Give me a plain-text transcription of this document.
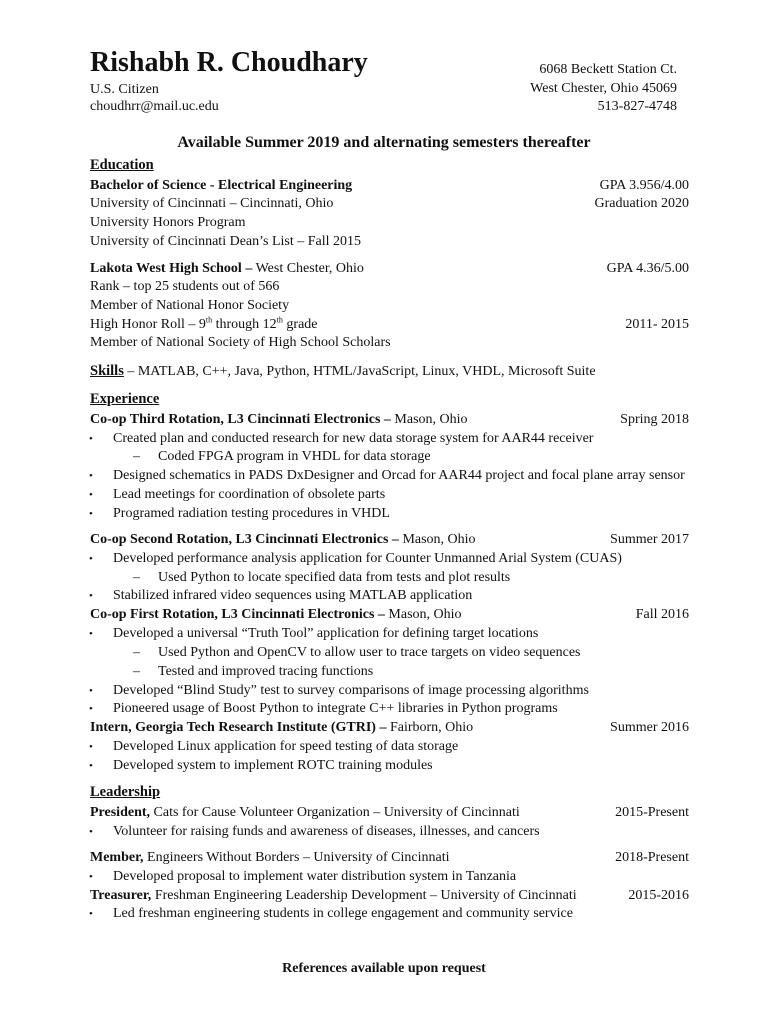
Rishabh R. Choudhary
U.S. Citizen
choudhrr@mail.uc.edu
6068 Beckett Station Ct.
West Chester, Ohio 45069
513-827-4748
Available Summer 2019 and alternating semesters thereafter
Education
Bachelor of Science - Electrical Engineering	GPA 3.956/4.00
University of Cincinnati – Cincinnati, Ohio	Graduation 2020
University Honors Program
University of Cincinnati Dean’s List – Fall 2015
Lakota West High School – West Chester, Ohio	GPA 4.36/5.00
Rank – top 25 students out of 566
Member of National Honor Society
High Honor Roll – 9th through 12th grade	2011- 2015
Member of National Society of High School Scholars
Skills – MATLAB, C++, Java, Python, HTML/JavaScript, Linux, VHDL, Microsoft Suite
Experience
Co-op Third Rotation, L3 Cincinnati Electronics – Mason, Ohio	Spring 2018
• Created plan and conducted research for new data storage system for AAR44 receiver
– Coded FPGA program in VHDL for data storage
• Designed schematics in PADS DxDesigner and Orcad for AAR44 project and focal plane array sensor
• Lead meetings for coordination of obsolete parts
• Programed radiation testing procedures in VHDL
Co-op Second Rotation, L3 Cincinnati Electronics – Mason, Ohio	Summer 2017
• Developed performance analysis application for Counter Unmanned Arial System (CUAS)
– Used Python to locate specified data from tests and plot results
• Stabilized infrared video sequences using MATLAB application
Co-op First Rotation, L3 Cincinnati Electronics – Mason, Ohio	Fall 2016
• Developed a universal “Truth Tool” application for defining target locations
– Used Python and OpenCV to allow user to trace targets on video sequences
– Tested and improved tracing functions
• Developed “Blind Study” test to survey comparisons of image processing algorithms
• Pioneered usage of Boost Python to integrate C++ libraries in Python programs
Intern, Georgia Tech Research Institute (GTRI) – Fairborn, Ohio	Summer 2016
• Developed Linux application for speed testing of data storage
• Developed system to implement ROTC training modules
Leadership
President, Cats for Cause Volunteer Organization – University of Cincinnati	2015-Present
• Volunteer for raising funds and awareness of diseases, illnesses, and cancers
Member, Engineers Without Borders – University of Cincinnati	2018-Present
• Developed proposal to implement water distribution system in Tanzania
Treasurer, Freshman Engineering Leadership Development – University of Cincinnati	2015-2016
• Led freshman engineering students in college engagement and community service
References available upon request
